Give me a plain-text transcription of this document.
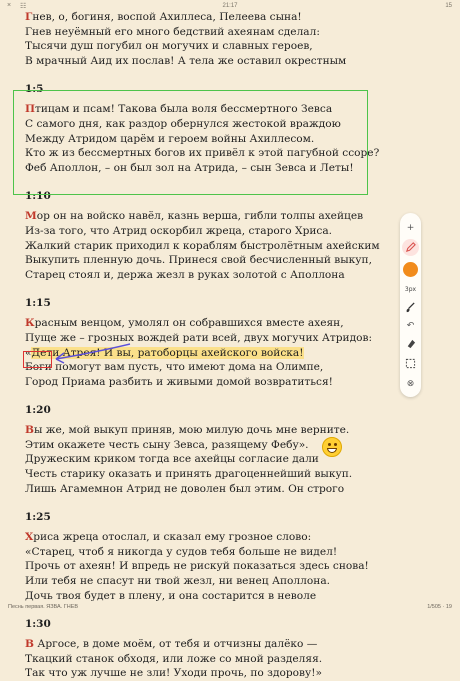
× ☷	21:17	15

Гнев, о, богиня, воспой Ахиллеса, Пелеева сына!

Гнев неуёмный его много бедствий ахеянам сделал:

Тысячи душ погубил он могучих и славных героев,

В мрачный Аид их послав! А тела же оставил окрестным

1:5

Птицам и псам! Такова была воля бессмертного Зевса

С самого дня, как раздор обернулся жестокой враждою

Между Атридом царём и героем войны Ахиллесом.

Кто ж из бессмертных богов их привёл к этой пагубной ссоре?

Феб Аполлон, – он был зол на Атрида, – сын Зевса и Леты!

1:10

Мор он на войско навёл, казнь верша, гибли толпы ахейцев

Из-за того, что Атрид оскорбил жреца, старого Хриса.

Жалкий старик приходил к кораблям быстролётным ахейским

Выкупить пленную дочь. Принеся свой бесчисленный выкуп,

Старец стоял и, держа жезл в руках золотой с Аполлона

1:15

Красным венцом, умолял он собравшихся вместе ахеян,

Пуще же – грозных вождей рати всей, двух могучих Атридов:

«Дети Атрея! И вы, ратоборцы ахейского войска!

Боги помогут вам пусть, что имеют дома на Олимпе,

Город Приама разбить и живыми домой возвратиться!

1:20

Вы же, мой выкуп приняв, мою милую дочь мне верните.

Этим окажете честь сыну Зевса, разящему Фебу».

Дружеским криком тогда все ахейцы согласие дали

Честь старику оказать и принять драгоценнейший выкуп.

Лишь Агамемнон Атрид не доволен был этим. Он строго

1:25

Хриса жреца отослал, и сказал ему грозное слово:

«Старец, чтоб я никогда у судов тебя больше не видел!

Прочь от ахеян! И впредь не рискуй показаться здесь снова!

Или тебя не спасут ни твой жезл, ни венец Аполлона.

Дочь твоя будет в плену, и она состарится в неволе

1:30

В Аргосе, в доме моём, от тебя и отчизны далёко —

Ткацкий станок обходя, или ложе со мной разделяя.

Так что уж лучше не зли! Уходи прочь, по здорову!»

+
3px
↶
⊗
Песнь первая. ЯЗВА. ГНЕВ	1/505 · 19
